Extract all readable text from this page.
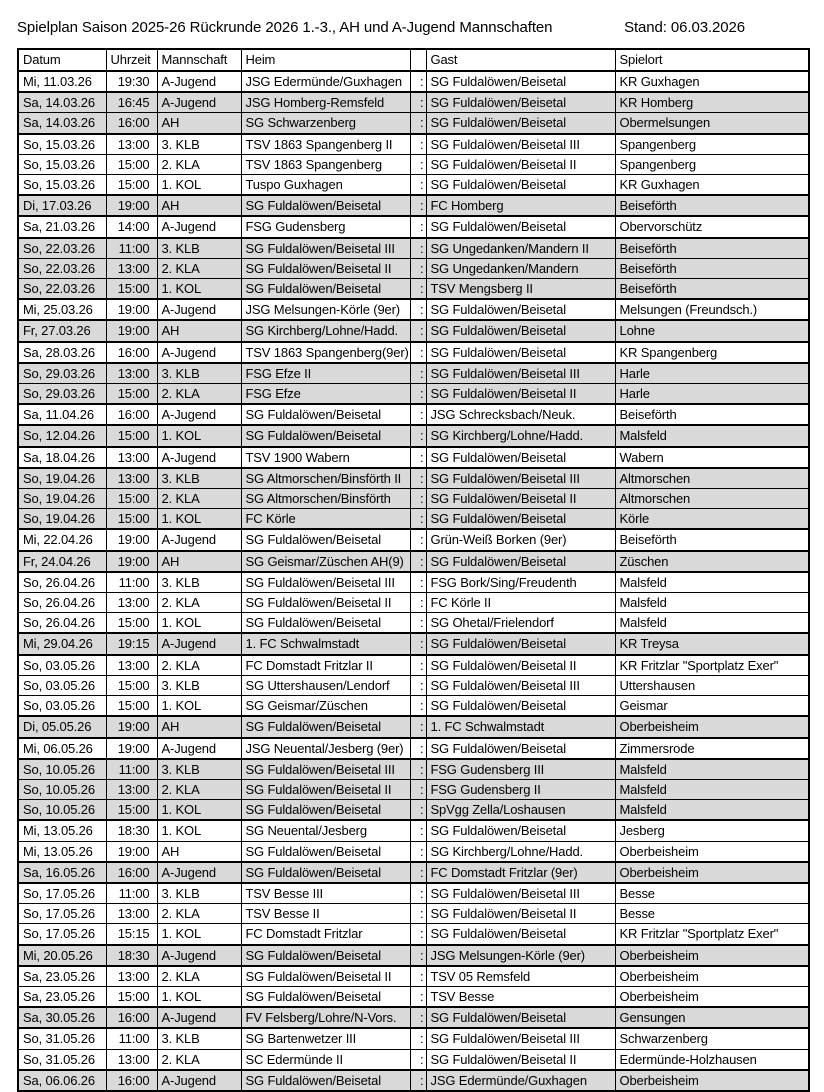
Spielplan Saison 2025-26 Rückrunde 2026 1.-3., AH und A-Jugend Mannschaften	Stand: 06.03.2026
Datum	Uhrzeit	Mannschaft	Heim		Gast	Spielort
Mi, 11.03.26	19:30	A-Jugend	JSG Edermünde/Guxhagen	:	SG Fuldalöwen/Beisetal	KR Guxhagen
Sa, 14.03.26	16:45	A-Jugend	JSG Homberg-Remsfeld	:	SG Fuldalöwen/Beisetal	KR Homberg
Sa, 14.03.26	16:00	AH	SG Schwarzenberg	:	SG Fuldalöwen/Beisetal	Obermelsungen
So, 15.03.26	13:00	3. KLB	TSV 1863 Spangenberg II	:	SG Fuldalöwen/Beisetal III	Spangenberg
So, 15.03.26	15:00	2. KLA	TSV 1863 Spangenberg	:	SG Fuldalöwen/Beisetal II	Spangenberg
So, 15.03.26	15:00	1. KOL	Tuspo Guxhagen	:	SG Fuldalöwen/Beisetal	KR Guxhagen
Di, 17.03.26	19:00	AH	SG Fuldalöwen/Beisetal	:	FC Homberg	Beiseförth
Sa, 21.03.26	14:00	A-Jugend	FSG Gudensberg	:	SG Fuldalöwen/Beisetal	Obervorschütz
So, 22.03.26	11:00	3. KLB	SG Fuldalöwen/Beisetal III	:	SG Ungedanken/Mandern II	Beiseförth
So, 22.03.26	13:00	2. KLA	SG Fuldalöwen/Beisetal II	:	SG Ungedanken/Mandern	Beiseförth
So, 22.03.26	15:00	1. KOL	SG Fuldalöwen/Beisetal	:	TSV Mengsberg II	Beiseförth
Mi, 25.03.26	19:00	A-Jugend	JSG Melsungen-Körle (9er)	:	SG Fuldalöwen/Beisetal	Melsungen (Freundsch.)
Fr, 27.03.26	19:00	AH	SG Kirchberg/Lohne/Hadd.	:	SG Fuldalöwen/Beisetal	Lohne
Sa, 28.03.26	16:00	A-Jugend	TSV 1863 Spangenberg(9er)	:	SG Fuldalöwen/Beisetal	KR Spangenberg
So, 29.03.26	13:00	3. KLB	FSG Efze II	:	SG Fuldalöwen/Beisetal III	Harle
So, 29.03.26	15:00	2. KLA	FSG Efze	:	SG Fuldalöwen/Beisetal II	Harle
Sa, 11.04.26	16:00	A-Jugend	SG Fuldalöwen/Beisetal	:	JSG Schrecksbach/Neuk.	Beiseförth
So, 12.04.26	15:00	1. KOL	SG Fuldalöwen/Beisetal	:	SG Kirchberg/Lohne/Hadd.	Malsfeld
Sa, 18.04.26	13:00	A-Jugend	TSV 1900 Wabern	:	SG Fuldalöwen/Beisetal	Wabern
So, 19.04.26	13:00	3. KLB	SG Altmorschen/Binsförth II	:	SG Fuldalöwen/Beisetal III	Altmorschen
So, 19.04.26	15:00	2. KLA	SG Altmorschen/Binsförth	:	SG Fuldalöwen/Beisetal II	Altmorschen
So, 19.04.26	15:00	1. KOL	FC Körle	:	SG Fuldalöwen/Beisetal	Körle
Mi, 22.04.26	19:00	A-Jugend	SG Fuldalöwen/Beisetal	:	Grün-Weiß Borken (9er)	Beiseförth
Fr, 24.04.26	19:00	AH	SG Geismar/Züschen AH(9)	:	SG Fuldalöwen/Beisetal	Züschen
So, 26.04.26	11:00	3. KLB	SG Fuldalöwen/Beisetal III	:	FSG Bork/Sing/Freudenth	Malsfeld
So, 26.04.26	13:00	2. KLA	SG Fuldalöwen/Beisetal II	:	FC Körle II	Malsfeld
So, 26.04.26	15:00	1. KOL	SG Fuldalöwen/Beisetal	:	SG Ohetal/Frielendorf	Malsfeld
Mi, 29.04.26	19:15	A-Jugend	1. FC Schwalmstadt	:	SG Fuldalöwen/Beisetal	KR Treysa
So, 03.05.26	13:00	2. KLA	FC Domstadt Fritzlar II	:	SG Fuldalöwen/Beisetal II	KR Fritzlar "Sportplatz Exer"
So, 03.05.26	15:00	3. KLB	SG Uttershausen/Lendorf	:	SG Fuldalöwen/Beisetal III	Uttershausen
So, 03.05.26	15:00	1. KOL	SG Geismar/Züschen	:	SG Fuldalöwen/Beisetal	Geismar
Di, 05.05.26	19:00	AH	SG Fuldalöwen/Beisetal	:	1. FC Schwalmstadt	Oberbeisheim
Mi, 06.05.26	19:00	A-Jugend	JSG Neuental/Jesberg (9er)	:	SG Fuldalöwen/Beisetal	Zimmersrode
So, 10.05.26	11:00	3. KLB	SG Fuldalöwen/Beisetal III	:	FSG Gudensberg III	Malsfeld
So, 10.05.26	13:00	2. KLA	SG Fuldalöwen/Beisetal II	:	FSG Gudensberg II	Malsfeld
So, 10.05.26	15:00	1. KOL	SG Fuldalöwen/Beisetal	:	SpVgg Zella/Loshausen	Malsfeld
Mi, 13.05.26	18:30	1. KOL	SG Neuental/Jesberg	:	SG Fuldalöwen/Beisetal	Jesberg
Mi, 13.05.26	19:00	AH	SG Fuldalöwen/Beisetal	:	SG Kirchberg/Lohne/Hadd.	Oberbeisheim
Sa, 16.05.26	16:00	A-Jugend	SG Fuldalöwen/Beisetal	:	FC Domstadt Fritzlar (9er)	Oberbeisheim
So, 17.05.26	11:00	3. KLB	TSV Besse III	:	SG Fuldalöwen/Beisetal III	Besse
So, 17.05.26	13:00	2. KLA	TSV Besse II	:	SG Fuldalöwen/Beisetal II	Besse
So, 17.05.26	15:15	1. KOL	FC Domstadt Fritzlar	:	SG Fuldalöwen/Beisetal	KR Fritzlar "Sportplatz Exer"
Mi, 20.05.26	18:30	A-Jugend	SG Fuldalöwen/Beisetal	:	JSG Melsungen-Körle (9er)	Oberbeisheim
Sa, 23.05.26	13:00	2. KLA	SG Fuldalöwen/Beisetal II	:	TSV 05 Remsfeld	Oberbeisheim
Sa, 23.05.26	15:00	1. KOL	SG Fuldalöwen/Beisetal	:	TSV Besse	Oberbeisheim
Sa, 30.05.26	16:00	A-Jugend	FV Felsberg/Lohre/N-Vors.	:	SG Fuldalöwen/Beisetal	Gensungen
So, 31.05.26	11:00	3. KLB	SG Bartenwetzer III	:	SG Fuldalöwen/Beisetal III	Schwarzenberg
So, 31.05.26	13:00	2. KLA	SC Edermünde II	:	SG Fuldalöwen/Beisetal II	Edermünde-Holzhausen
Sa, 06.06.26	16:00	A-Jugend	SG Fuldalöwen/Beisetal	:	JSG Edermünde/Guxhagen	Oberbeisheim
